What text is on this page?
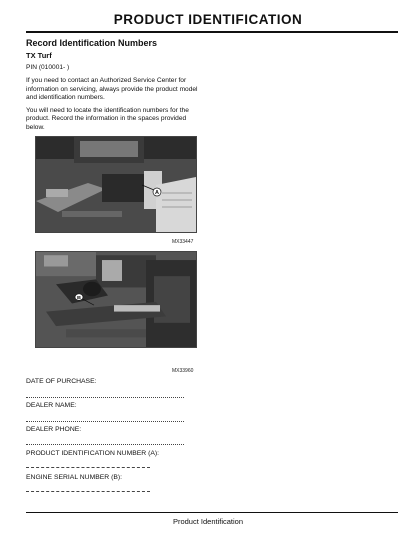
PRODUCT IDENTIFICATION
Record Identification Numbers
TX Turf
PIN (010001- )
If you need to contact an Authorized Service Center for information on servicing, always provide the product model and identification numbers.
You will need to locate the identification numbers for the product. Record the information in the spaces provided below.
A
MX33447
B
MX33960
DATE OF PURCHASE:
DEALER NAME:
DEALER PHONE:
PRODUCT IDENTIFICATION NUMBER (A):
ENGINE SERIAL NUMBER (B):
Product Identification
